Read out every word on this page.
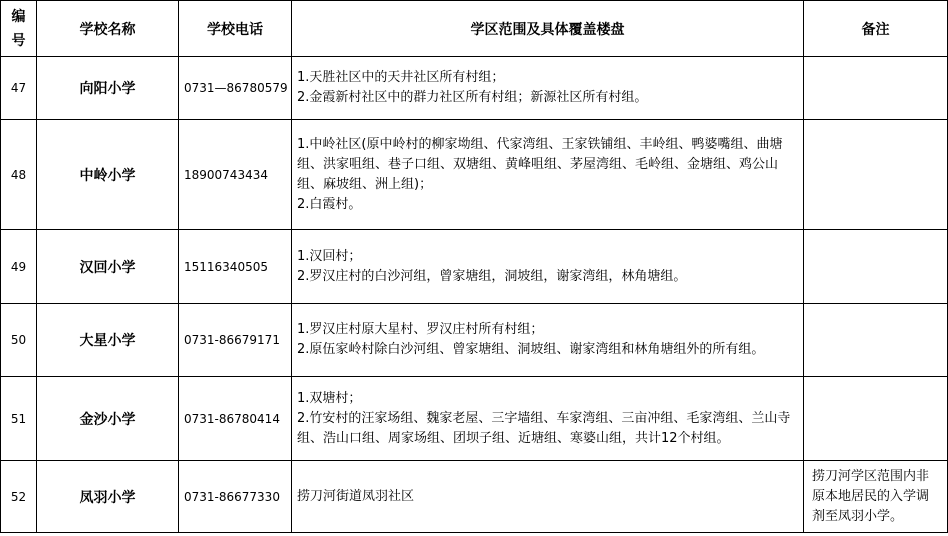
编号	学校名称	学校电话	学区范围及具体覆盖楼盘	备注
47	向阳小学	0731—86780579	1.天胜社区中的天井社区所有村组；
2.金霞新村社区中的群力社区所有村组；新源社区所有村组。	

48	中岭小学	18900743434	1.中岭社区(原中岭村的柳家坳组、代家湾组、王家铁铺组、丰岭组、鸭婆嘴组、曲塘组、洪家咀组、巷子口组、双塘组、黄峰咀组、茅屋湾组、毛岭组、金塘组、鸡公山组、麻坡组、洲上组)；
2.白霞村。	

49	汉回小学	15116340505	1.汉回村；
2.罗汉庄村的白沙河组，曾家塘组，洞坡组，谢家湾组，林角塘组。	

50	大星小学	0731-86679171	1.罗汉庄村原大星村、罗汉庄村所有村组；
2.原伍家岭村除白沙河组、曾家塘组、洞坡组、谢家湾组和林角塘组外的所有组。	

51	金沙小学	0731-86780414	1.双塘村；
2.竹安村的汪家场组、魏家老屋、三字墙组、车家湾组、三亩冲组、毛家湾组、兰山寺组、浩山口组、周家场组、团坝子组、近塘组、寒婆山组，共计12个村组。	

52	凤羽小学	0731-86677330	捞刀河街道凤羽社区	捞刀河学区范围内非原本地居民的入学调剂至凤羽小学。
